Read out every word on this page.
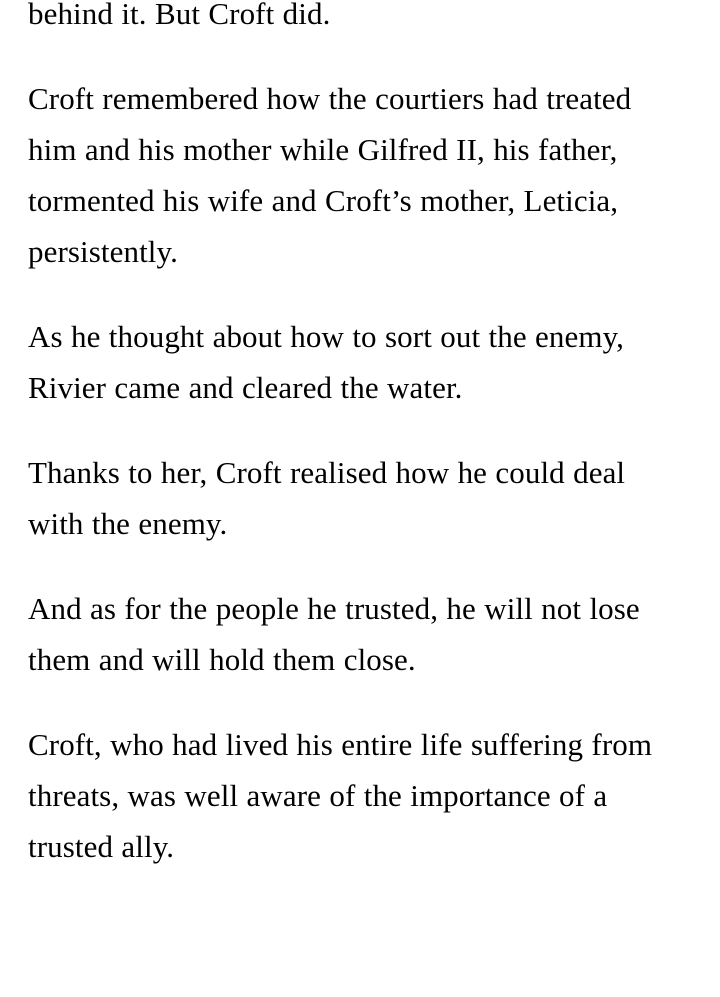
behind it. But Croft did.

Croft remembered how the courtiers had treated him and his mother while Gilfred II, his father, tormented his wife and Croft’s mother, Leticia, persistently.

As he thought about how to sort out the enemy, Rivier came and cleared the water.

Thanks to her, Croft realised how he could deal with the enemy.

And as for the people he trusted, he will not lose them and will hold them close.

Croft, who had lived his entire life suffering from threats, was well aware of the importance of a trusted ally.
